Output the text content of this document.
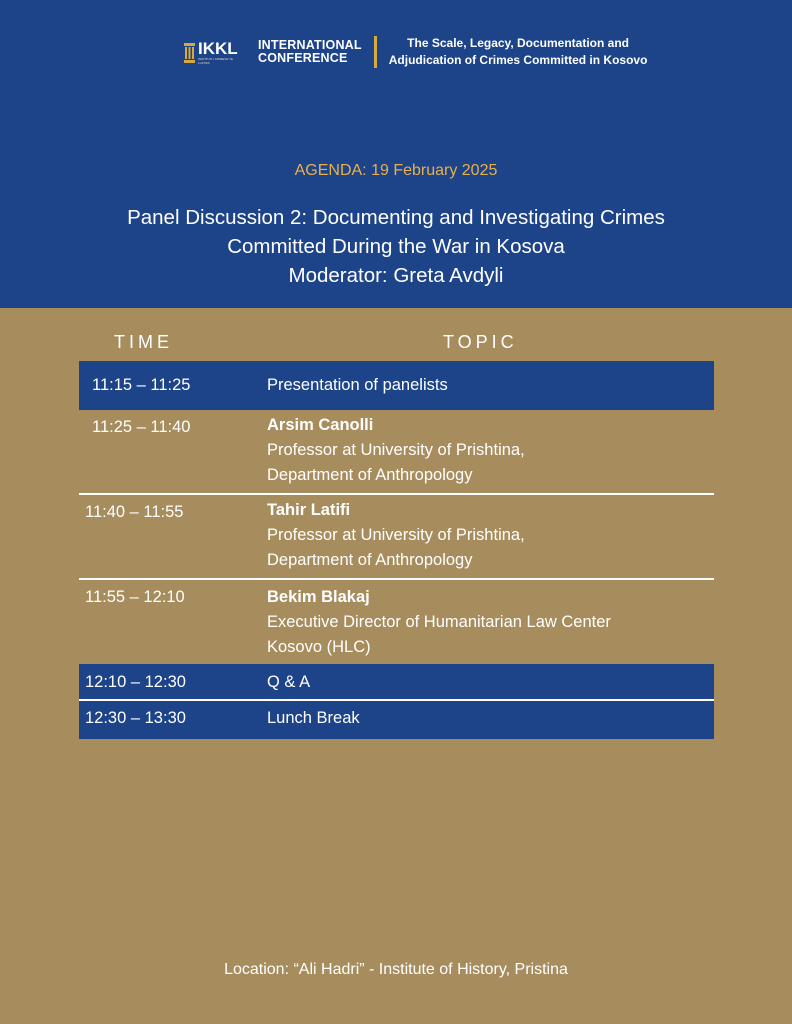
IKKL
INSTITUTI I KRIMEVE TE LUFTES
INTERNATIONAL
CONFERENCE
The Scale, Legacy, Documentation and
Adjudication of Crimes Committed in Kosovo
AGENDA: 19 February 2025
Panel Discussion 2: Documenting and Investigating Crimes
Committed During the War in Kosova
Moderator: Greta Avdyli
TIME	TOPIC
11:15 – 11:25	Presentation of panelists
11:25 – 11:40	Arsim Canolli
Professor at University of Prishtina,
Department of Anthropology
11:40 – 11:55	Tahir Latifi
Professor at University of Prishtina,
Department of Anthropology
11:55 – 12:10	Bekim Blakaj
Executive Director of Humanitarian Law Center
Kosovo (HLC)
12:10 – 12:30	Q & A
12:30 – 13:30	Lunch Break
Location: “Ali Hadri” - Institute of History, Pristina
